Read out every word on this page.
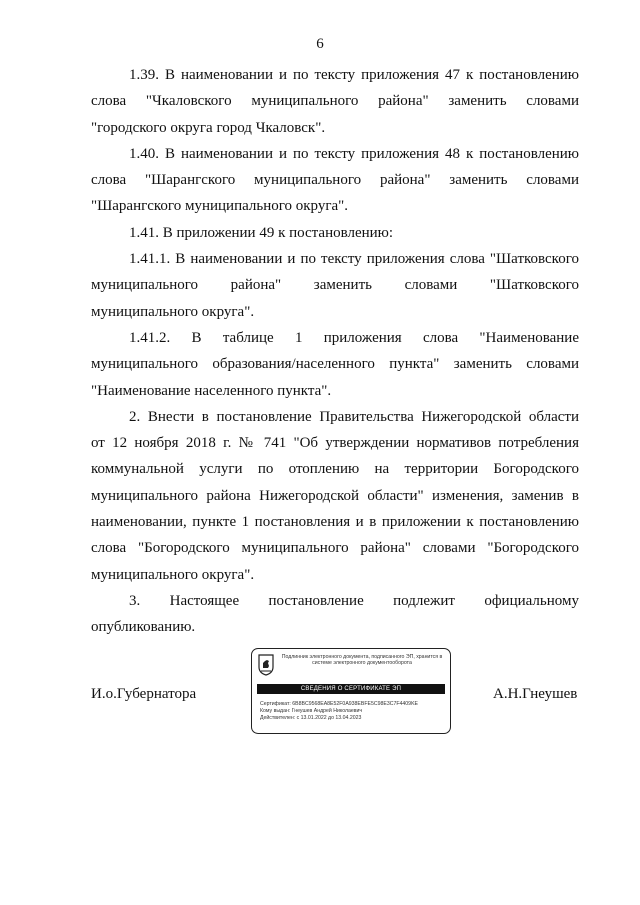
6

1.39. В наименовании и по тексту приложения 47 к постановлению
слова "Чкаловского муниципального района" заменить словами
"городского округа город Чкаловск".

1.40. В наименовании и по тексту приложения 48 к постановлению
слова "Шарангского муниципального района" заменить словами
"Шарангского муниципального округа".

1.41. В приложении 49 к постановлению:

1.41.1. В наименовании и по тексту приложения слова "Шатковского
муниципального района" заменить словами "Шатковского
муниципального округа".

1.41.2. В таблице 1 приложения слова "Наименование
муниципального образования/населенного пункта" заменить словами
"Наименование населенного пункта".

2. Внести в постановление Правительства Нижегородской области
от 12 ноября 2018 г. № 741 "Об утверждении нормативов потребления
коммунальной услуги по отоплению на территории Богородского
муниципального района Нижегородской области" изменения, заменив в
наименовании, пункте 1 постановления и в приложении к постановлению
слова "Богородского муниципального района" словами "Богородского
муниципального округа".

3. Настоящее постановление подлежит официальному
опубликованию.

И.о.Губернатора	А.Н.Гнеушев
Подлинник электронного документа, подписанного ЭП, хранится в системе электронного документооборота
СВЕДЕНИЯ О СЕРТИФИКАТЕ ЭП
Сертификат: 6B8BC9568EA8E52F0A938EBFE5C98E3C7F4409KE
Кому выдан: Гнеушев Андрей Николаевич
Действителен: с 13.01.2022 до 13.04.2023
